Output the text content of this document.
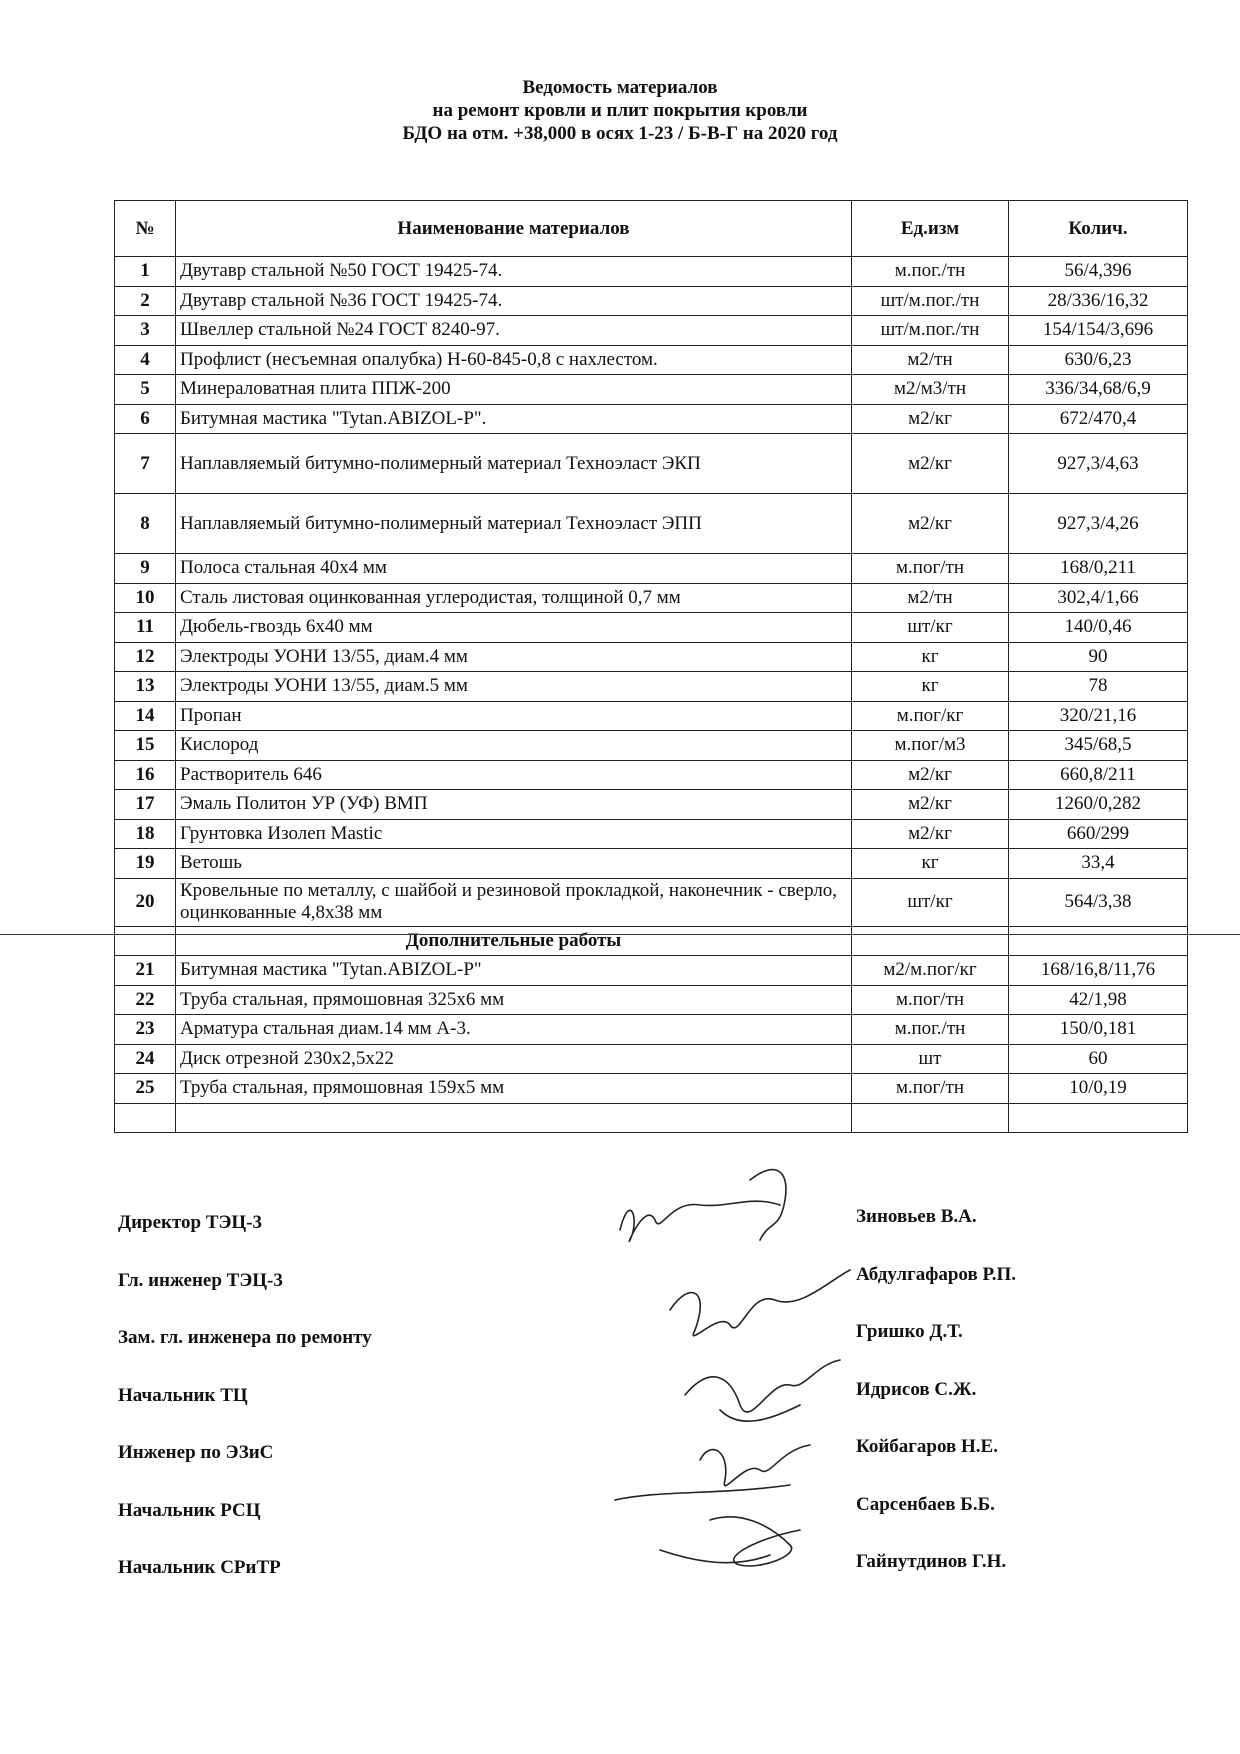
Ведомость материалов
на ремонт кровли и плит покрытия кровли
БДО на отм. +38,000 в осях 1-23 / Б-В-Г на 2020 год
№	Наименование материалов	Ед.изм	Колич.
1	Двутавр стальной №50 ГОСТ 19425-74.	м.пог./тн	56/4,396
2	Двутавр стальной №36 ГОСТ 19425-74.	шт/м.пог./тн	28/336/16,32
3	Швеллер стальной №24 ГОСТ 8240-97.	шт/м.пог./тн	154/154/3,696
4	Профлист (несъемная опалубка) Н-60-845-0,8 с нахлестом.	м2/тн	630/6,23
5	Минераловатная плита ППЖ-200	м2/м3/тн	336/34,68/6,9
6	Битумная мастика "Tytan.ABIZOL-P".	м2/кг	672/470,4
7	Наплавляемый битумно-полимерный материал Техноэласт ЭКП	м2/кг	927,3/4,63
8	Наплавляемый битумно-полимерный материал Техноэласт ЭПП	м2/кг	927,3/4,26
9	Полоса стальная 40х4 мм	м.пог/тн	168/0,211
10	Сталь листовая оцинкованная углеродистая, толщиной 0,7 мм	м2/тн	302,4/1,66
11	Дюбель-гвоздь 6х40 мм	шт/кг	140/0,46
12	Электроды УОНИ 13/55, диам.4 мм	кг	90
13	Электроды УОНИ 13/55, диам.5 мм	кг	78
14	Пропан	м.пог/кг	320/21,16
15	Кислород	м.пог/м3	345/68,5
16	Растворитель 646	м2/кг	660,8/211
17	Эмаль Политон УР (УФ) ВМП	м2/кг	1260/0,282
18	Грунтовка Изолеп Mastic	м2/кг	660/299
19	Ветошь	кг	33,4
20	Кровельные по металлу, с шайбой и резиновой прокладкой, наконечник - сверло, оцинкованные 4,8х38 мм	шт/кг	564/3,38
	Дополнительные работы		
21	Битумная мастика "Tytan.ABIZOL-P"	м2/м.пог/кг	168/16,8/11,76
22	Труба стальная, прямошовная 325х6 мм	м.пог/тн	42/1,98
23	Арматура стальная диам.14 мм А-3.	м.пог./тн	150/0,181
24	Диск отрезной 230х2,5х22	шт	60
25	Труба стальная, прямошовная 159х5 мм	м.пог/тн	10/0,19

Директор ТЭЦ-3
Гл. инженер ТЭЦ-3
Зам. гл. инженера по ремонту
Начальник ТЦ
Инженер по ЭЗиС
Начальник РСЦ
Начальник СРиТР
Зиновьев В.А.
Абдулгафаров Р.П.
Гришко Д.Т.
Идрисов С.Ж.
Койбагаров Н.Е.
Сарсенбаев Б.Б.
Гайнутдинов Г.Н.
